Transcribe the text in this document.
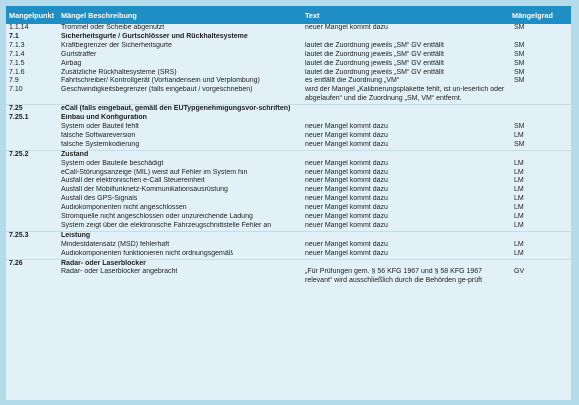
Mangelpunkt	Mängel Beschreibung	Text	Mängelgrad
1.1.14	Trommel oder Scheibe abgenutzt	neuer Mangel kommt dazu	SM
7.1	Sicherheitsgurte / Gurtschlösser und Rückhaltesysteme		
7.1.3	Kraftbegrenzer der Sicherheitsgurte	lautet die Zuordnung jeweils „SM“ GV entfällt	SM
7.1.4	Gurtstraffer	lautet die Zuordnung jeweils „SM“ GV entfällt	SM
7.1.5	Airbag	lautet die Zuordnung jeweils „SM“ GV entfällt	SM
7.1.6	Zusätzliche Rückhaltesysteme (SRS)	lautet die Zuordnung jeweils „SM“ GV entfällt	SM
7.9	Fahrtschreiber/ Kontrollgerät (Vorhandensein und Verplombung)	es entfällt die Zuordnung „VM“	SM
7.10	Geschwindigkeitsbegrenzer (falls eingebaut / vorgeschrieben)	wird der Mangel „Kalibrierungsplakette fehlt, ist un-leserlich oder abgelaufen“ und die Zuordnung „SM, VM“ entfernt.	
7.25	eCall (falls eingebaut, gemäß den EUTypgenehmigungsvor-schriften)		
7.25.1	Einbau und Konfiguration		
	System oder Bauteil fehlt	neuer Mangel kommt dazu	SM
	falsche Softwareversion	neuer Mangel kommt dazu	LM
	falsche Systemkodierung	neuer Mangel kommt dazu	SM
7.25.2	Zustand		
	System oder Bauteile beschädigt	neuer Mangel kommt dazu	LM
	eCall-Störungsanzeige (MIL) weist auf Fehler im System hin	neuer Mangel kommt dazu	LM
	Ausfall der elektronischen e-Call Steuereinheit	neuer Mangel kommt dazu	LM
	Ausfall der Mobilfunknetz-Kommunikationsausrüstung	neuer Mangel kommt dazu	LM
	Ausfall des GPS-Signals	neuer Mangel kommt dazu	LM
	Audiokomponenten nicht angeschlossen	neuer Mangel kommt dazu	LM
	Stromquelle nicht angeschlossen oder unzureichende Ladung	neuer Mangel kommt dazu	LM
	System zeigt über die elektronische Fahrzeugschnittstelle Fehler an	neuer Mangel kommt dazu	LM
7.25.3	Leistung		
	Mindestdatensatz (MSD) fehlerhaft	neuer Mangel kommt dazu	LM
	Audiokomponenten funktionieren nicht ordnungsgemäß	neuer Mangel kommt dazu	LM
7.26	Radar- oder Laserblocker		
	Radar- oder Laserblocker angebracht	„Für Prüfungen gem. § 56 KFG 1967 und § 58 KFG 1967 relevant“ wird ausschließlich durch die Behörden ge-prüft	GV
